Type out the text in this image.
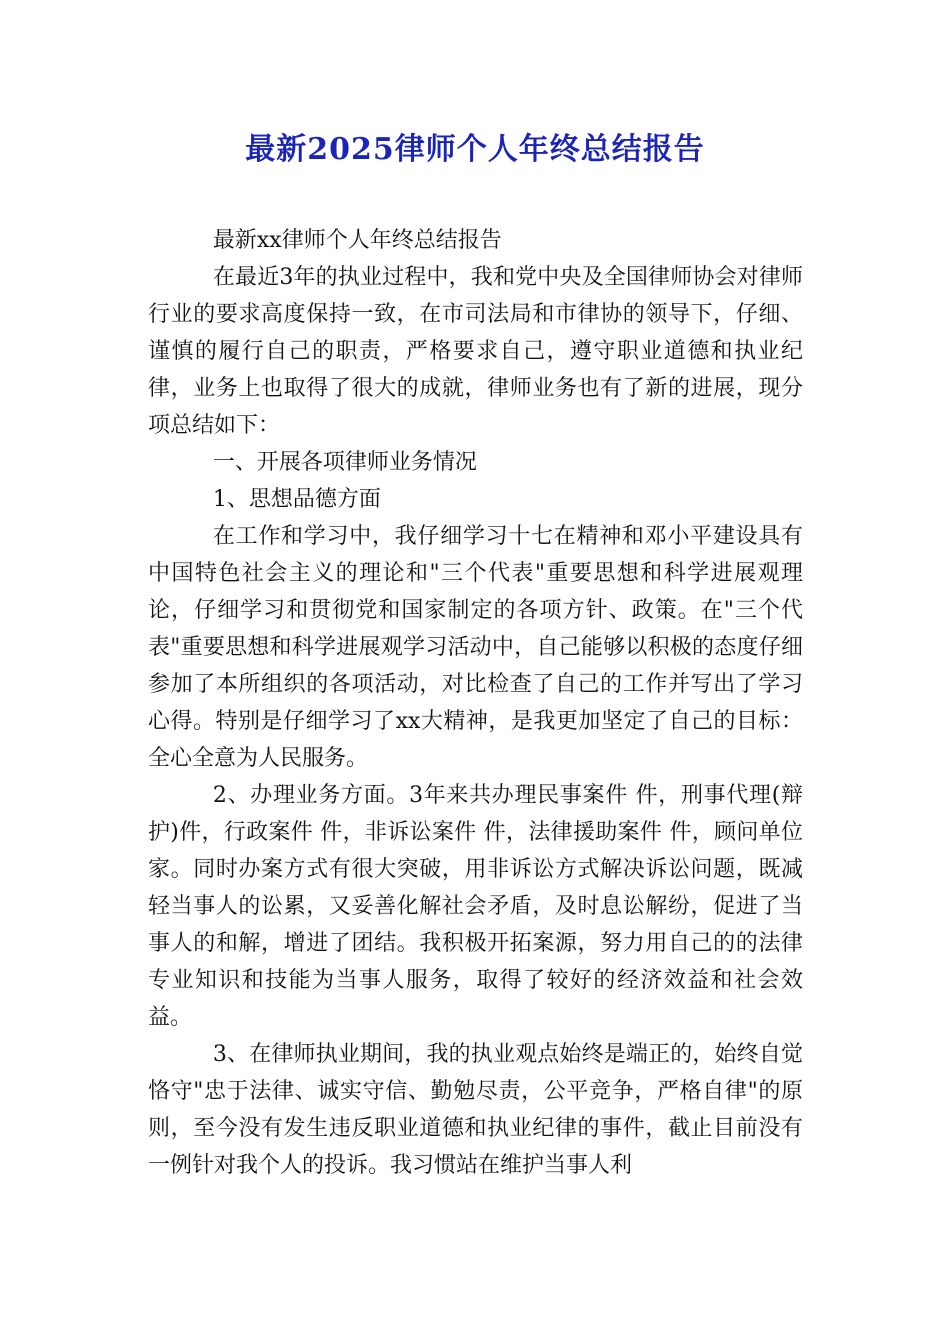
最新2025律师个人年终总结报告

最新xx律师个人年终总结报告

在最近3年的执业过程中，我和党中央及全国律师协会对律师行业的要求高度保持一致，在市司法局和市律协的领导下，仔细、谨慎的履行自己的职责，严格要求自己，遵守职业道德和执业纪律，业务上也取得了很大的成就，律师业务也有了新的进展，现分项总结如下：

一、开展各项律师业务情况

1、思想品德方面

在工作和学习中，我仔细学习十七在精神和邓小平建设具有中国特色社会主义的理论和"三个代表"重要思想和科学进展观理论，仔细学习和贯彻党和国家制定的各项方针、政策。在"三个代表"重要思想和科学进展观学习活动中，自己能够以积极的态度仔细参加了本所组织的各项活动，对比检查了自己的工作并写出了学习心得。特别是仔细学习了xx大精神，是我更加坚定了自己的目标：全心全意为人民服务。

2、办理业务方面。3年来共办理民事案件 件，刑事代理(辩护)件，行政案件 件，非诉讼案件 件，法律援助案件 件，顾问单位 家。同时办案方式有很大突破，用非诉讼方式解决诉讼问题，既减轻当事人的讼累，又妥善化解社会矛盾，及时息讼解纷，促进了当事人的和解，增进了团结。我积极开拓案源，努力用自己的的法律专业知识和技能为当事人服务，取得了较好的经济效益和社会效益。

3、在律师执业期间，我的执业观点始终是端正的，始终自觉恪守"忠于法律、诚实守信、勤勉尽责，公平竞争，严格自律"的原则，至今没有发生违反职业道德和执业纪律的事件，截止目前没有一例针对我个人的投诉。我习惯站在维护当事人利
